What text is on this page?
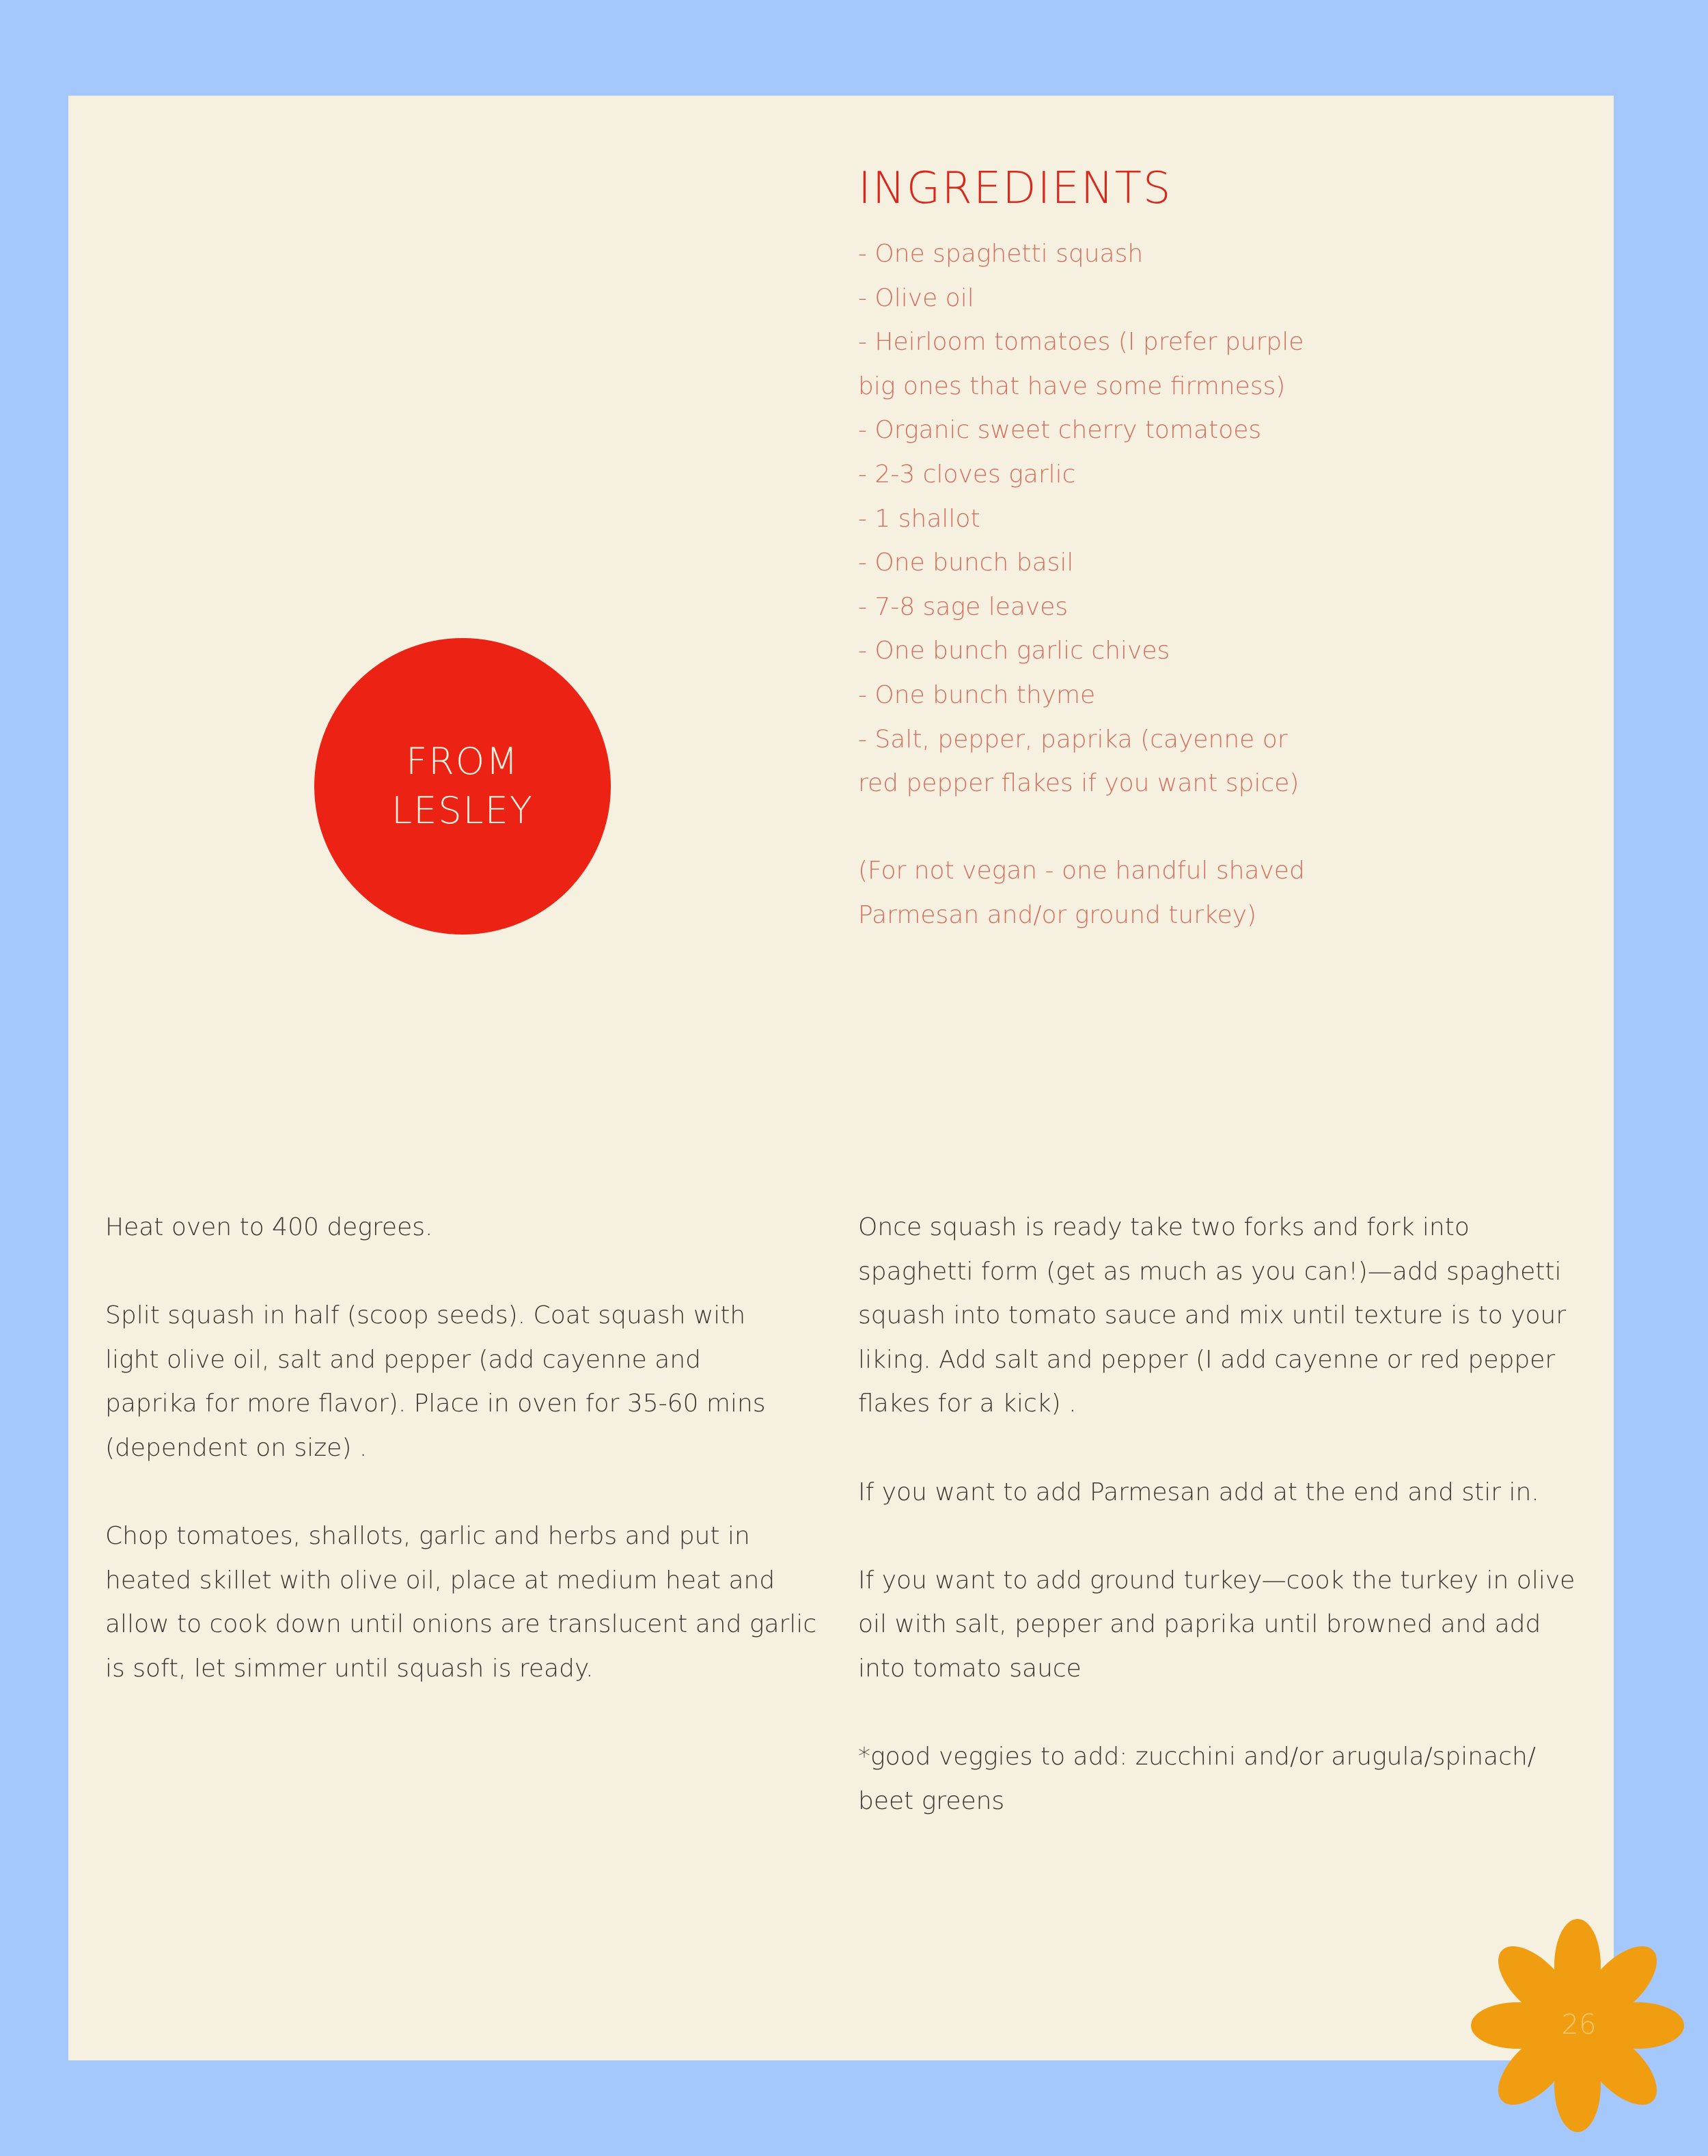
FROM
LESLEY
INGREDIENTS
- One spaghetti squash
- Olive oil
- Heirloom tomatoes (I prefer purple
big ones that have some firmness)
- Organic sweet cherry tomatoes
- 2-3 cloves garlic
- 1 shallot
- One bunch basil
- 7-8 sage leaves
- One bunch garlic chives
- One bunch thyme
- Salt, pepper, paprika (cayenne or
red pepper flakes if you want spice)

(For not vegan - one handful shaved
Parmesan and/or ground turkey)

Heat oven to 400 degrees.

Split squash in half (scoop seeds). Coat squash with
light olive oil, salt and pepper (add cayenne and
paprika for more flavor). Place in oven for 35-60 mins
(dependent on size) .

Chop tomatoes, shallots, garlic and herbs and put in
heated skillet with olive oil, place at medium heat and
allow to cook down until onions are translucent and garlic
is soft, let simmer until squash is ready.

Once squash is ready take two forks and fork into
spaghetti form (get as much as you can!)—add spaghetti
squash into tomato sauce and mix until texture is to your
liking. Add salt and pepper (I add cayenne or red pepper
flakes for a kick) .

If you want to add Parmesan add at the end and stir in.

If you want to add ground turkey—cook the turkey in olive
oil with salt, pepper and paprika until browned and add
into tomato sauce

*good veggies to add: zucchini and/or arugula/spinach/
beet greens

26
